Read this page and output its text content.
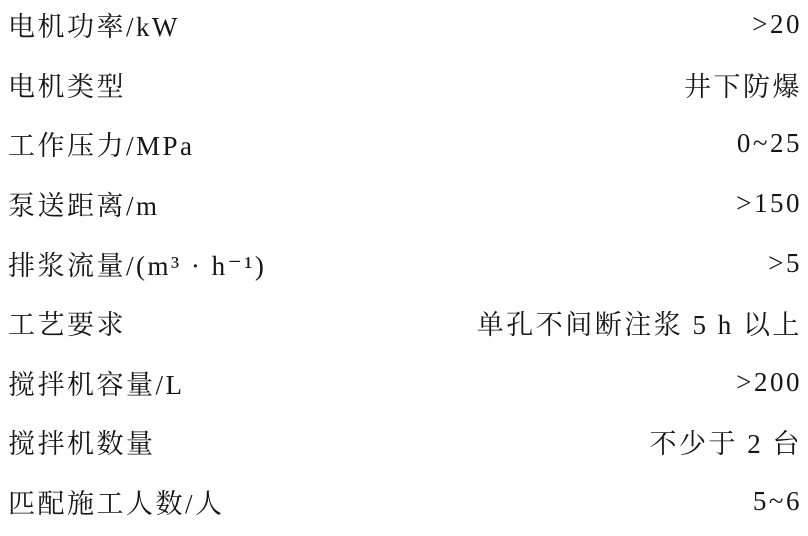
电机功率/kW	>20
电机类型	井下防爆
工作压力/MPa	0~25
泵送距离/m	>150
排浆流量/(m³ · h⁻¹)	>5
工艺要求	单孔不间断注浆 5 h 以上
搅拌机容量/L	>200
搅拌机数量	不少于 2 台
匹配施工人数/人	5~6
